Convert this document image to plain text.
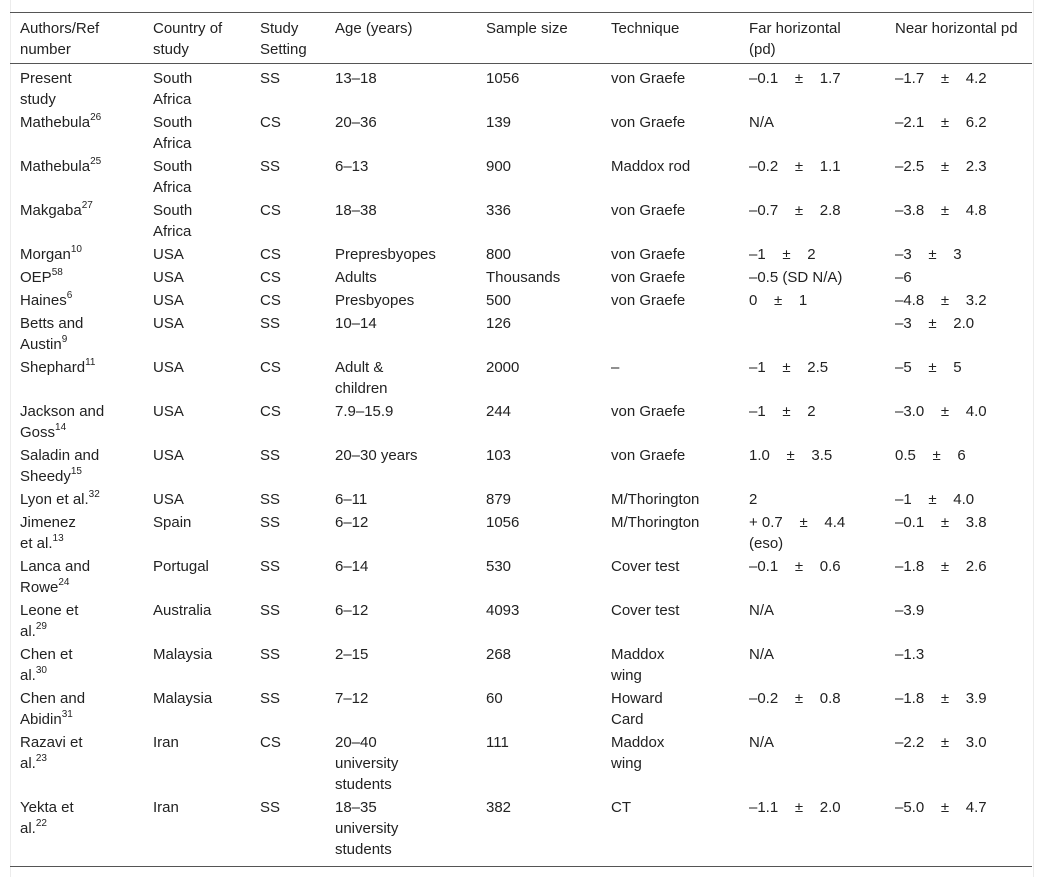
Authors/Ref number	Country of study	Study Setting	Age (years)	Sample size	Technique	Far horizontal (pd)	Near horizontal pd
Present study	South Africa	SS	13–18	1056	von Graefe	–0.1    ±    1.7	–1.7    ±    4.2
Mathebula$^{26}$	South Africa	CS	20–36	139	von Graefe	N/A	–2.1    ±    6.2
Mathebula$^{25}$	South Africa	SS	6–13	900	Maddox rod	–0.2    ±    1.1	–2.5    ±    2.3
Makgaba$^{27}$	South Africa	CS	18–38	336	von Graefe	–0.7    ±    2.8	–3.8    ±    4.8
Morgan$^{10}$	USA	CS	Prepresbyopes	800	von Graefe	–1    ±    2	–3    ±    3
OEP$^{58}$	USA	CS	Adults	Thousands	von Graefe	–0.5 (SD N/A)	–6
Haines$^6$	USA	CS	Presbyopes	500	von Graefe	0    ±    1	–4.8    ±    3.2
Betts and Austin$^9$	USA	SS	10–14	126			–3    ±    2.0
Shephard$^{11}$	USA	CS	Adult & children	2000	–	–1    ±    2.5	–5    ±    5
Jackson and Goss$^{14}$	USA	CS	7.9–15.9	244	von Graefe	–1    ±    2	–3.0    ±    4.0
Saladin and Sheedy$^{15}$	USA	SS	20–30 years	103	von Graefe	1.0    ±    3.5	0.5    ±    6
Lyon et al.$^{32}$	USA	SS	6–11	879	M/Thorington	2	–1    ±    4.0
Jimenez et al.$^{13}$	Spain	SS	6–12	1056	M/Thorington	+ 0.7    ±    4.4 (eso)	–0.1    ±    3.8
Lanca and Rowe$^{24}$	Portugal	SS	6–14	530	Cover test	–0.1    ±    0.6	–1.8    ±    2.6
Leone et al.$^{29}$	Australia	SS	6–12	4093	Cover test	N/A	–3.9
Chen et al.$^{30}$	Malaysia	SS	2–15	268	Maddox wing	N/A	–1.3
Chen and Abidin$^{31}$	Malaysia	SS	7–12	60	Howard Card	–0.2    ±    0.8	–1.8    ±    3.9
Razavi et al.$^{23}$	Iran	CS	20–40 university students	111	Maddox wing	N/A	–2.2    ±    3.0
Yekta et al.$^{22}$	Iran	SS	18–35 university students	382	CT	–1.1    ±    2.0	–5.0    ±    4.7
